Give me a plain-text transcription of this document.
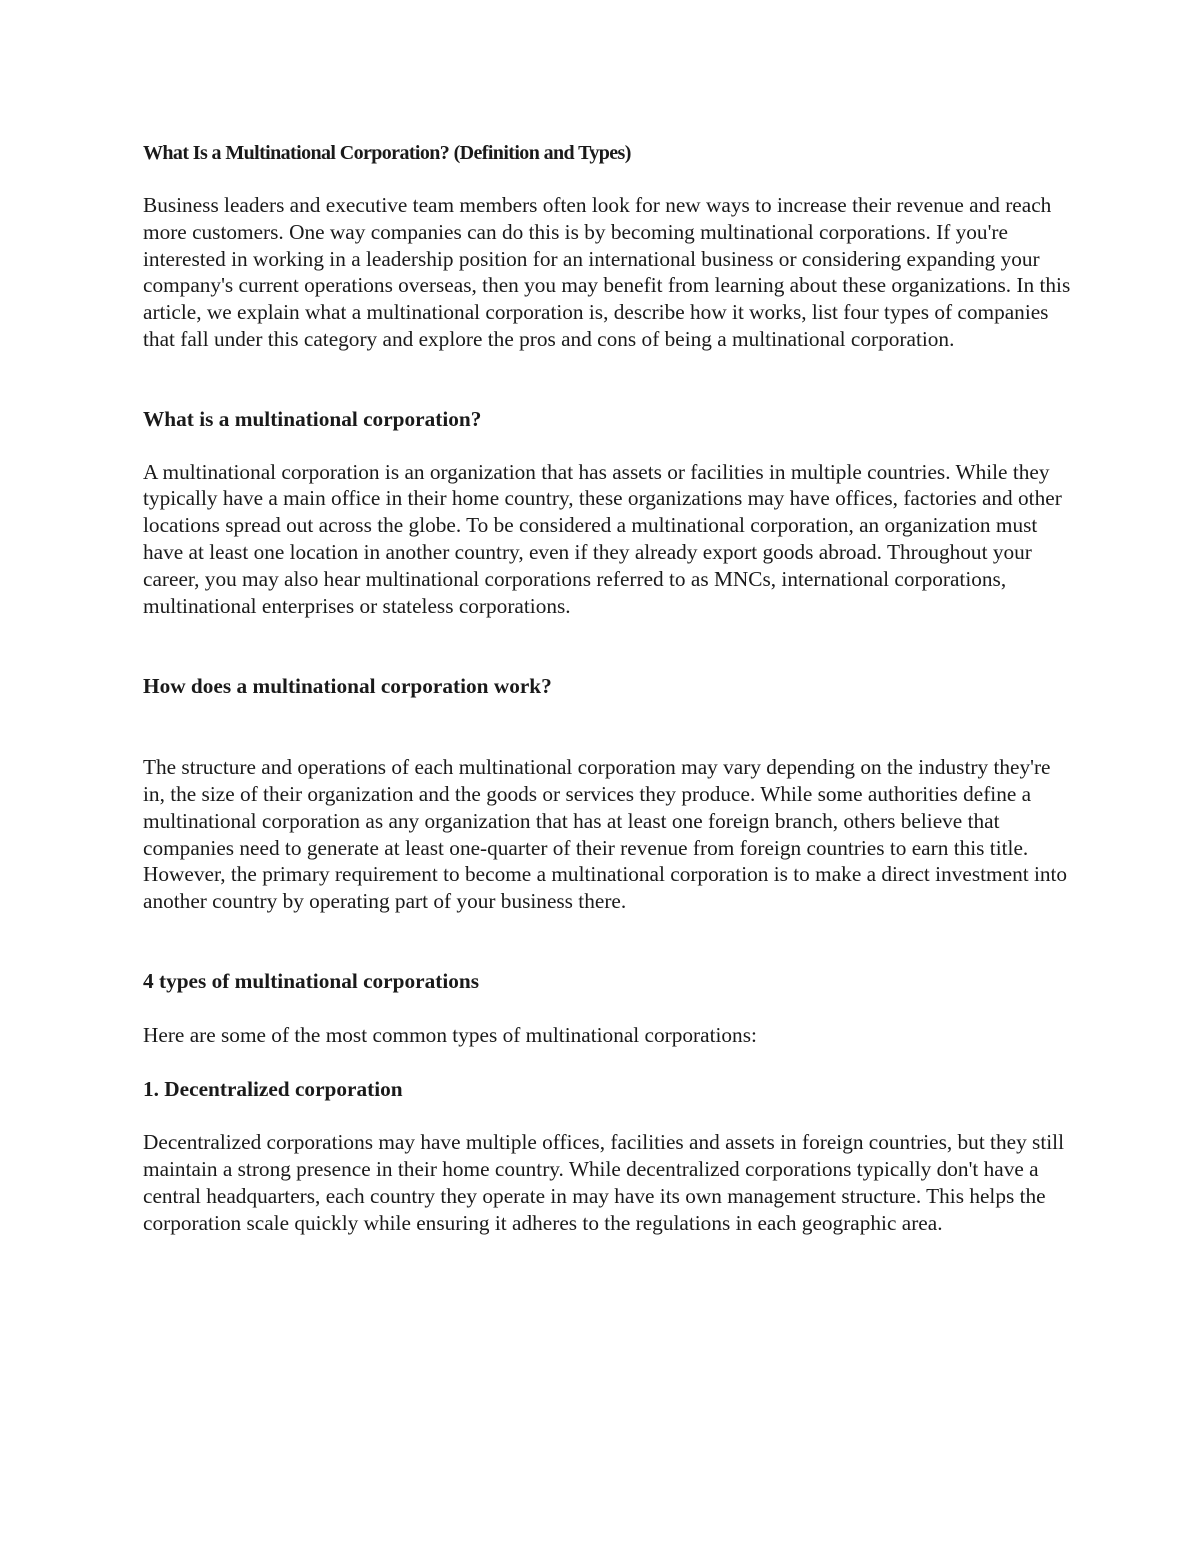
What Is a Multinational Corporation? (Definition and Types)

Business leaders and executive team members often look for new ways to increase their revenue and reach more customers. One way companies can do this is by becoming multinational corporations. If you're interested in working in a leadership position for an international business or considering expanding your company's current operations overseas, then you may benefit from learning about these organizations. In this article, we explain what a multinational corporation is, describe how it works, list four types of companies that fall under this category and explore the pros and cons of being a multinational corporation.

What is a multinational corporation?

A multinational corporation is an organization that has assets or facilities in multiple countries. While they typically have a main office in their home country, these organizations may have offices, factories and other locations spread out across the globe. To be considered a multinational corporation, an organization must have at least one location in another country, even if they already export goods abroad. Throughout your career, you may also hear multinational corporations referred to as MNCs, international corporations, multinational enterprises or stateless corporations.

How does a multinational corporation work?

The structure and operations of each multinational corporation may vary depending on the industry they're in, the size of their organization and the goods or services they produce. While some authorities define a multinational corporation as any organization that has at least one foreign branch, others believe that companies need to generate at least one-quarter of their revenue from foreign countries to earn this title. However, the primary requirement to become a multinational corporation is to make a direct investment into another country by operating part of your business there.

4 types of multinational corporations

Here are some of the most common types of multinational corporations:

1. Decentralized corporation

Decentralized corporations may have multiple offices, facilities and assets in foreign countries, but they still maintain a strong presence in their home country. While decentralized corporations typically don't have a central headquarters, each country they operate in may have its own management structure. This helps the corporation scale quickly while ensuring it adheres to the regulations in each geographic area.
